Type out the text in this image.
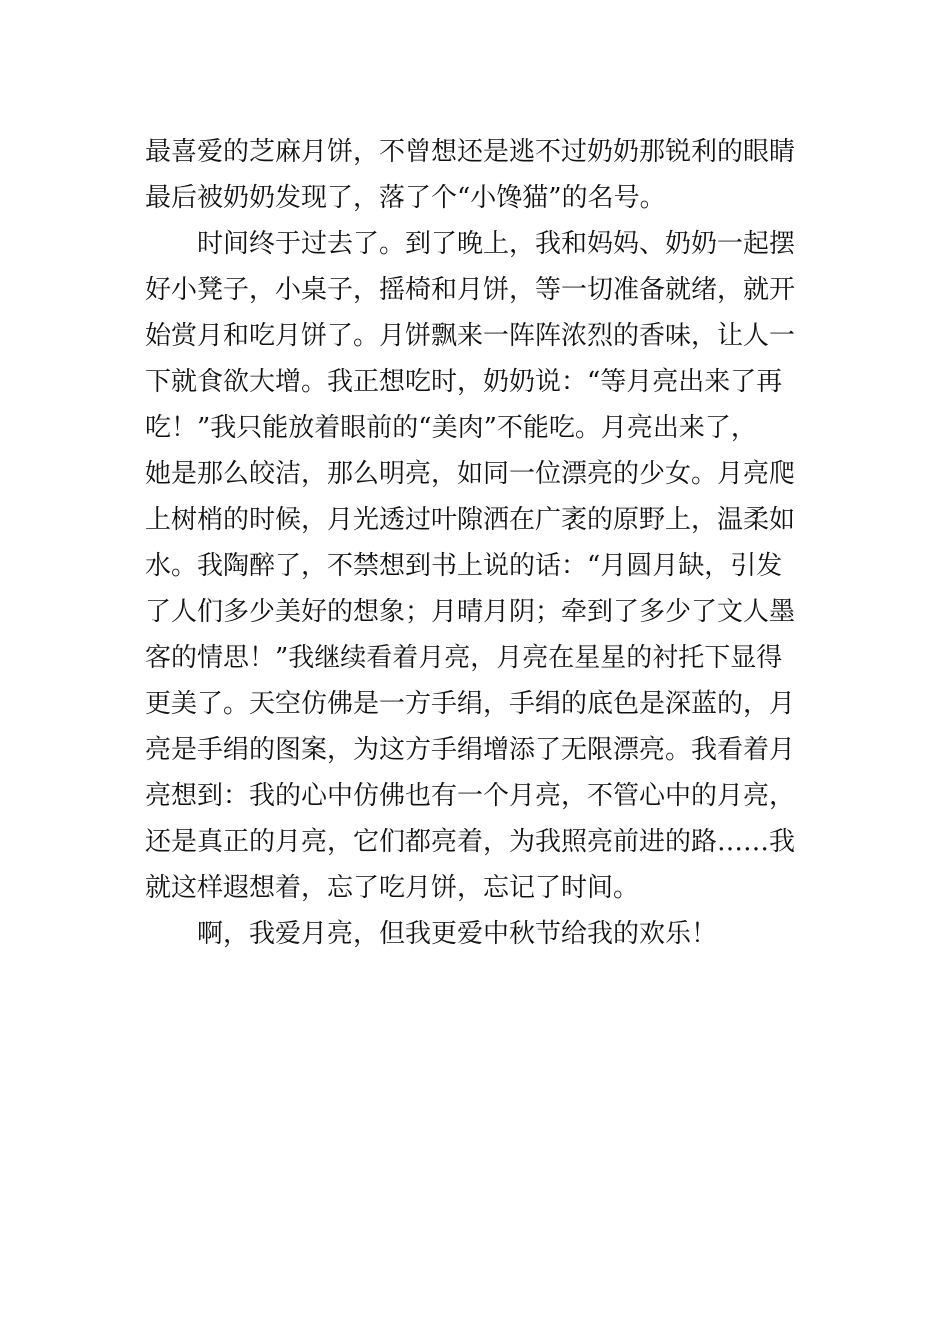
最喜爱的芝麻月饼，不曾想还是逃不过奶奶那锐利的眼睛
最后被奶奶发现了，落了个“小馋猫”的名号。
时间终于过去了。到了晚上，我和妈妈、奶奶一起摆
好小凳子，小桌子，摇椅和月饼，等一切准备就绪，就开
始赏月和吃月饼了。月饼飘来一阵阵浓烈的香味，让人一
下就食欲大增。我正想吃时，奶奶说：“等月亮出来了再
吃！”我只能放着眼前的“美肉”不能吃。月亮出来了，
她是那么皎洁，那么明亮，如同一位漂亮的少女。月亮爬
上树梢的时候，月光透过叶隙洒在广袤的原野上，温柔如
水。我陶醉了，不禁想到书上说的话：“月圆月缺，引发
了人们多少美好的想象；月晴月阴；牵到了多少了文人墨
客的情思！”我继续看着月亮，月亮在星星的衬托下显得
更美了。天空仿佛是一方手绢，手绢的底色是深蓝的，月
亮是手绢的图案，为这方手绢增添了无限漂亮。我看着月
亮想到：我的心中仿佛也有一个月亮，不管心中的月亮，
还是真正的月亮，它们都亮着，为我照亮前进的路……我
就这样遐想着，忘了吃月饼，忘记了时间。
啊，我爱月亮，但我更爱中秋节给我的欢乐！
